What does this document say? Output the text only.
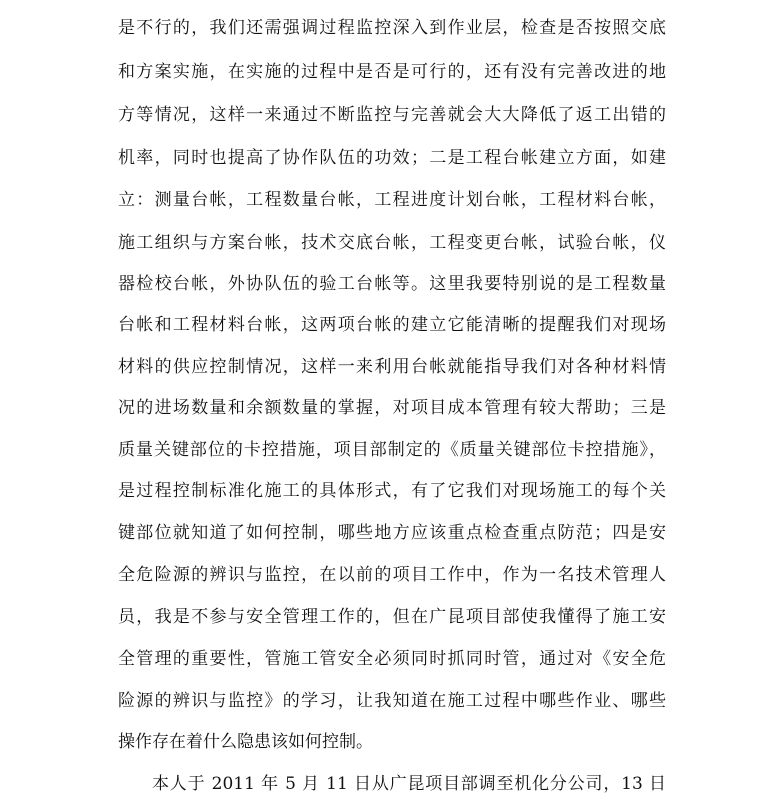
是不行的，我们还需强调过程监控深入到作业层，检查是否按照交底
和方案实施，在实施的过程中是否是可行的，还有没有完善改进的地
方等情况，这样一来通过不断监控与完善就会大大降低了返工出错的
机率，同时也提高了协作队伍的功效；二是工程台帐建立方面，如建
立：测量台帐，工程数量台帐，工程进度计划台帐，工程材料台帐，
施工组织与方案台帐，技术交底台帐，工程变更台帐，试验台帐，仪
器检校台帐，外协队伍的验工台帐等。这里我要特别说的是工程数量
台帐和工程材料台帐，这两项台帐的建立它能清晰的提醒我们对现场
材料的供应控制情况，这样一来利用台帐就能指导我们对各种材料情
况的进场数量和余额数量的掌握，对项目成本管理有较大帮助；三是
质量关键部位的卡控措施，项目部制定的《质量关键部位卡控措施》，
是过程控制标准化施工的具体形式，有了它我们对现场施工的每个关
键部位就知道了如何控制，哪些地方应该重点检查重点防范；四是安
全危险源的辨识与监控，在以前的项目工作中，作为一名技术管理人
员，我是不参与安全管理工作的，但在广昆项目部使我懂得了施工安
全管理的重要性，管施工管安全必须同时抓同时管，通过对《安全危
险源的辨识与监控》的学习，让我知道在施工过程中哪些作业、哪些
操作存在着什么隐患该如何控制。
本人于 2011 年 5 月 11 日从广昆项目部调至机化分公司，13 日
